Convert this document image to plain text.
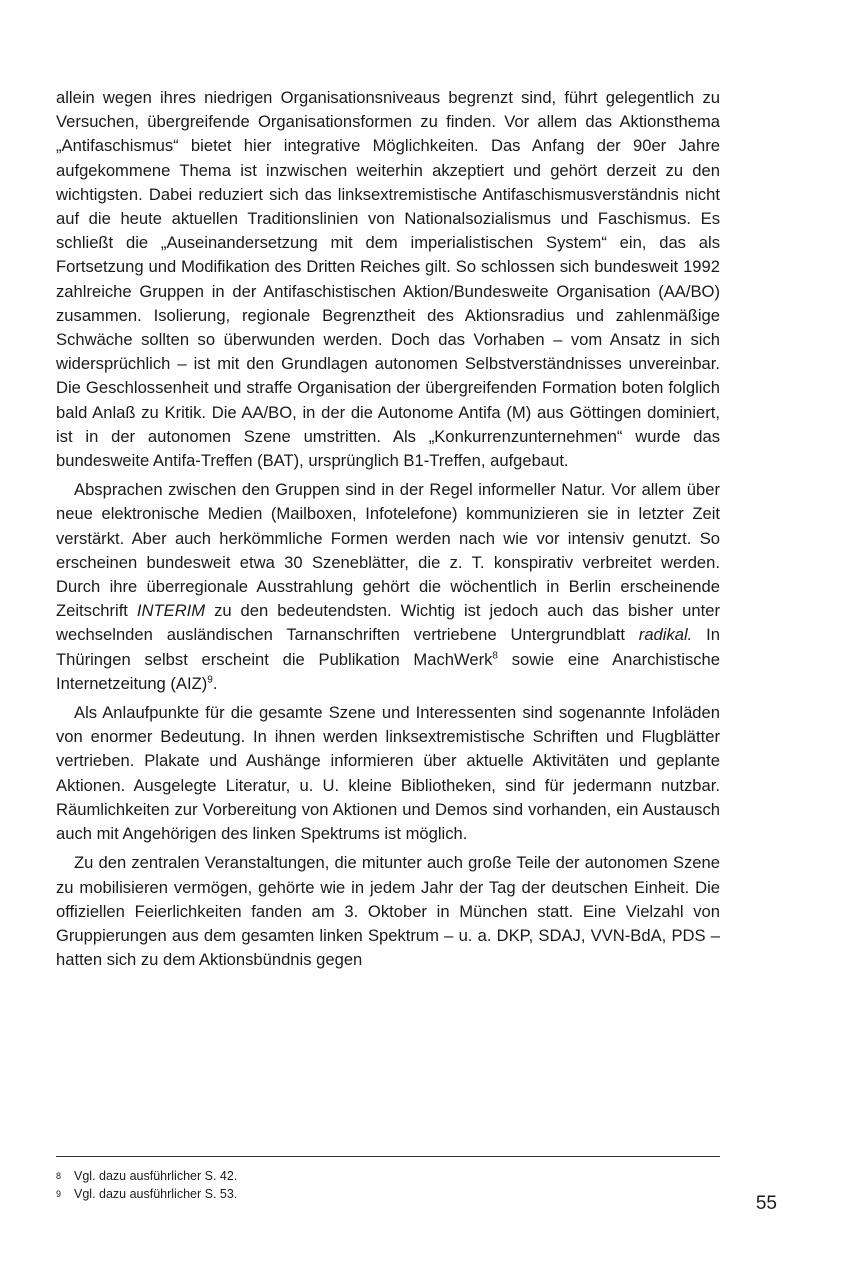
allein wegen ihres niedrigen Organisationsniveaus begrenzt sind, führt gelegentlich zu Versuchen, übergreifende Organisationsformen zu finden. Vor allem das Aktionsthema „Antifaschismus“ bietet hier integrative Möglichkeiten. Das Anfang der 90er Jahre aufgekommene Thema ist inzwischen weiterhin akzeptiert und gehört derzeit zu den wichtigsten. Dabei reduziert sich das linksextremistische Antifaschismusverständnis nicht auf die heute aktuellen Traditionslinien von Nationalsozialismus und Faschismus. Es schließt die „Auseinandersetzung mit dem imperialistischen System“ ein, das als Fortsetzung und Modifikation des Dritten Reiches gilt. So schlossen sich bundesweit 1992 zahlreiche Gruppen in der Antifaschistischen Aktion/Bundesweite Organisation (AA/BO) zusammen. Isolierung, regionale Begrenztheit des Aktionsradius und zahlenmäßige Schwäche sollten so überwunden werden. Doch das Vorhaben – vom Ansatz in sich widersprüchlich – ist mit den Grundlagen autonomen Selbstverständnisses unvereinbar. Die Geschlossenheit und straffe Organisation der übergreifenden Formation boten folglich bald Anlaß zu Kritik. Die AA/BO, in der die Autonome Antifa (M) aus Göttingen dominiert, ist in der autonomen Szene umstritten. Als „Konkurrenzunternehmen“ wurde das bundesweite Antifa-Treffen (BAT), ursprünglich B1-Treffen, aufgebaut.

Absprachen zwischen den Gruppen sind in der Regel informeller Natur. Vor allem über neue elektronische Medien (Mailboxen, Infotelefone) kommunizieren sie in letzter Zeit verstärkt. Aber auch herkömmliche Formen werden nach wie vor intensiv genutzt. So erscheinen bundesweit etwa 30 Szeneblätter, die z. T. konspirativ verbreitet werden. Durch ihre überregionale Ausstrahlung gehört die wöchentlich in Berlin erscheinende Zeitschrift INTERIM zu den bedeutendsten. Wichtig ist jedoch auch das bisher unter wechselnden ausländischen Tarnanschriften vertriebene Untergrundblatt radikal. In Thüringen selbst erscheint die Publikation MachWerk$^8$ sowie eine Anarchistische Internetzeitung (AIZ)$^9$.

Als Anlaufpunkte für die gesamte Szene und Interessenten sind sogenannte Infoläden von enormer Bedeutung. In ihnen werden linksextremistische Schriften und Flugblätter vertrieben. Plakate und Aushänge informieren über aktuelle Aktivitäten und geplante Aktionen. Ausgelegte Literatur, u. U. kleine Bibliotheken, sind für jedermann nutzbar. Räumlichkeiten zur Vorbereitung von Aktionen und Demos sind vorhanden, ein Austausch auch mit Angehörigen des linken Spektrums ist möglich.

Zu den zentralen Veranstaltungen, die mitunter auch große Teile der autonomen Szene zu mobilisieren vermögen, gehörte wie in jedem Jahr der Tag der deutschen Einheit. Die offiziellen Feierlichkeiten fanden am 3. Oktober in München statt. Eine Vielzahl von Gruppierungen aus dem gesamten linken Spektrum – u. a. DKP, SDAJ, VVN-BdA, PDS – hatten sich zu dem Aktionsbündnis gegen

8	Vgl. dazu ausführlicher S. 42.
9	Vgl. dazu ausführlicher S. 53.	55
